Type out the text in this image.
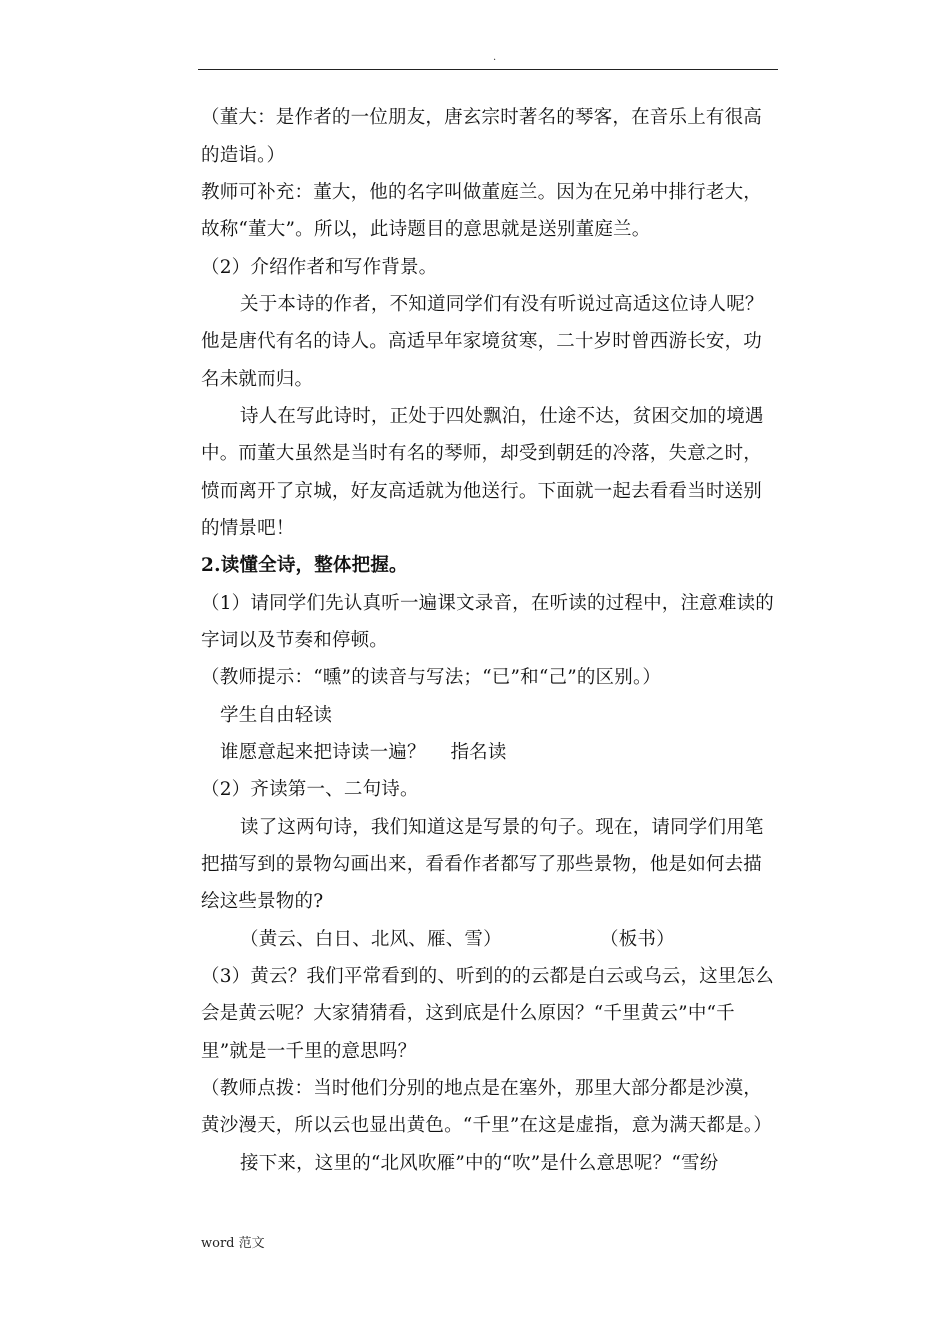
.
（董大：是作者的一位朋友，唐玄宗时著名的琴客，在音乐上有很高
的造诣。）
教师可补充：董大，他的名字叫做董庭兰。因为在兄弟中排行老大，
故称“董大”。所以，此诗题目的意思就是送别董庭兰。
（2）介绍作者和写作背景。
关于本诗的作者，不知道同学们有没有听说过高适这位诗人呢？
他是唐代有名的诗人。高适早年家境贫寒，二十岁时曾西游长安，功
名未就而归。
诗人在写此诗时，正处于四处飘泊，仕途不达，贫困交加的境遇
中。而董大虽然是当时有名的琴师，却受到朝廷的冷落，失意之时，
愤而离开了京城，好友高适就为他送行。下面就一起去看看当时送别
的情景吧！
2.读懂全诗，整体把握。
（1）请同学们先认真听一遍课文录音，在听读的过程中，注意难读的
字词以及节奏和停顿。
（教师提示：“曛”的读音与写法；“已”和“己”的区别。）
学生自由轻读
谁愿意起来把诗读一遍？　 指名读
（2）齐读第一、二句诗。
读了这两句诗，我们知道这是写景的句子。现在，请同学们用笔
把描写到的景物勾画出来，看看作者都写了那些景物，他是如何去描
绘这些景物的?
（黄云、白日、北风、雁、雪）	（板书）
（3）黄云？我们平常看到的、听到的的云都是白云或乌云，这里怎么
会是黄云呢？大家猜猜看，这到底是什么原因？“千里黄云”中“千
里”就是一千里的意思吗？
（教师点拨：当时他们分别的地点是在塞外，那里大部分都是沙漠，
黄沙漫天，所以云也显出黄色。“千里”在这是虚指，意为满天都是。）
接下来，这里的“北风吹雁”中的“吹”是什么意思呢？“雪纷
word 范文
